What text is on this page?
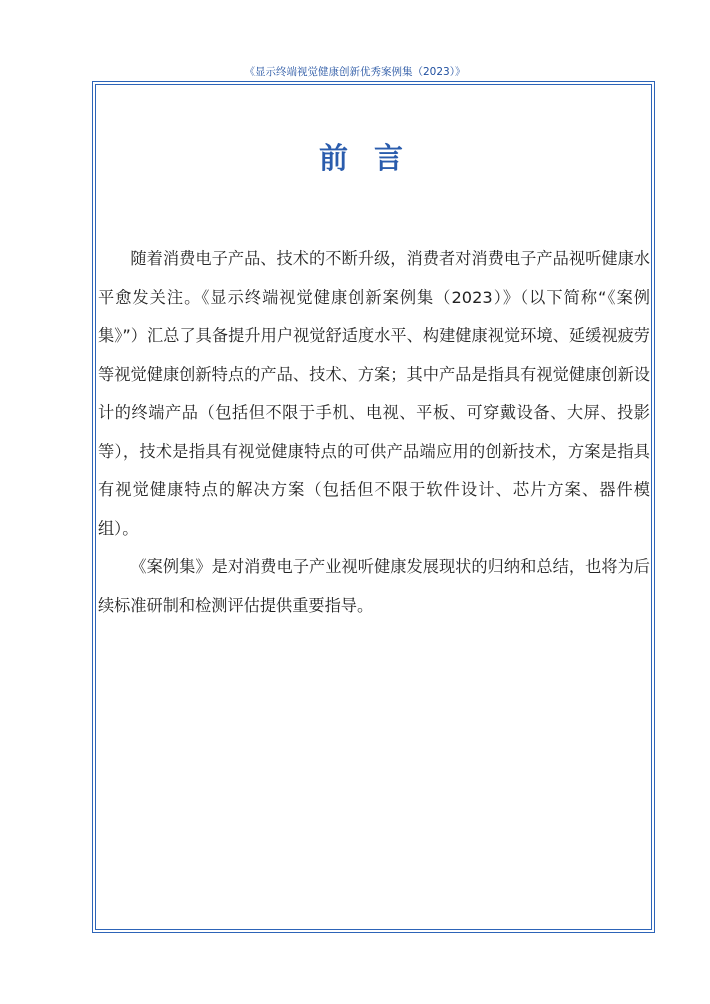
《显示终端视觉健康创新优秀案例集（2023）》
前言

随着消费电子产品、技术的不断升级，消费者对消费电子产品视听健康水平愈发关注。《显示终端视觉健康创新案例集（2023）》（以下简称“《案例集》”）汇总了具备提升用户视觉舒适度水平、构建健康视觉环境、延缓视疲劳等视觉健康创新特点的产品、技术、方案；其中产品是指具有视觉健康创新设计的终端产品（包括但不限于手机、电视、平板、可穿戴设备、大屏、投影等），技术是指具有视觉健康特点的可供产品端应用的创新技术，方案是指具有视觉健康特点的解决方案（包括但不限于软件设计、芯片方案、器件模组）。

《案例集》是对消费电子产业视听健康发展现状的归纳和总结，也将为后续标准研制和检测评估提供重要指导。
